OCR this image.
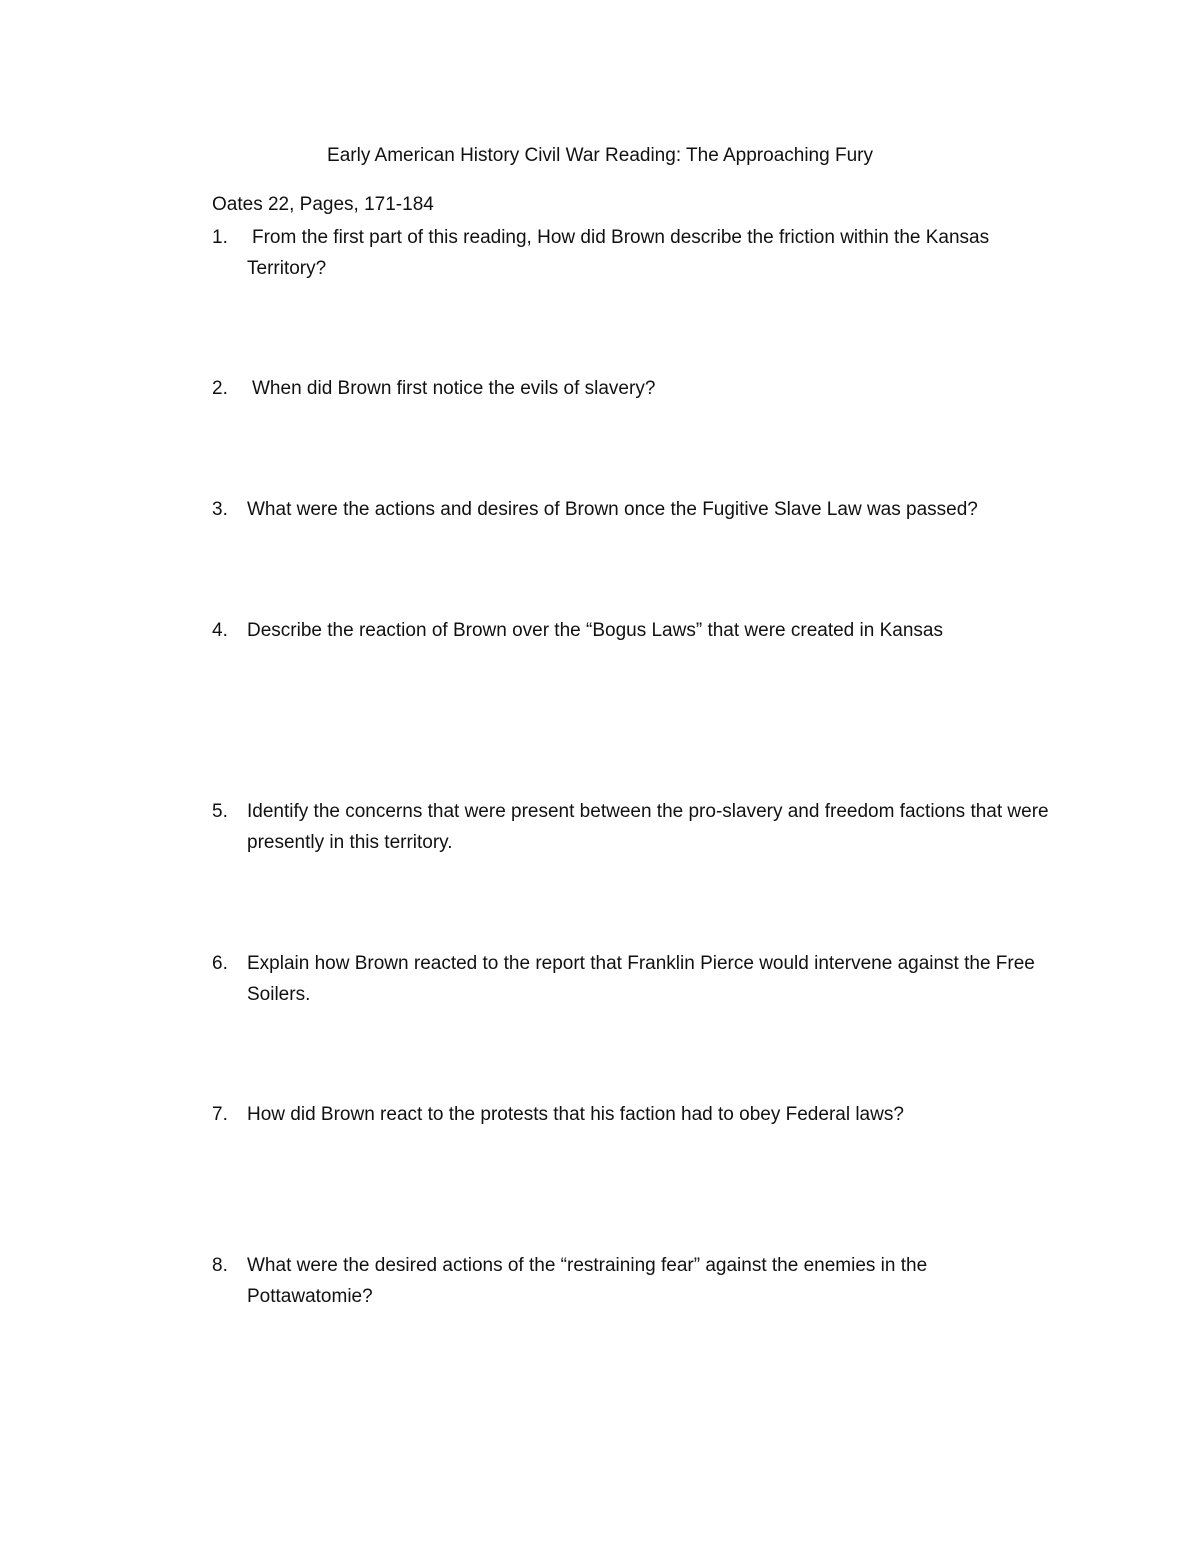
Early American History Civil War Reading: The Approaching Fury
Oates 22, Pages, 171-184
1.	From the first part of this reading, How did Brown describe the friction within the Kansas Territory?
2.	When did Brown first notice the evils of slavery?
3.	What were the actions and desires of Brown once the Fugitive Slave Law was passed?
4.	Describe the reaction of Brown over the “Bogus Laws” that were created in Kansas
5.	Identify the concerns that were present between the pro-slavery and freedom factions that were presently in this territory.
6.	Explain how Brown reacted to the report that Franklin Pierce would intervene against the Free Soilers.
7.	How did Brown react to the protests that his faction had to obey Federal laws?
8.	What were the desired actions of the “restraining fear” against the enemies in the Pottawatomie?
